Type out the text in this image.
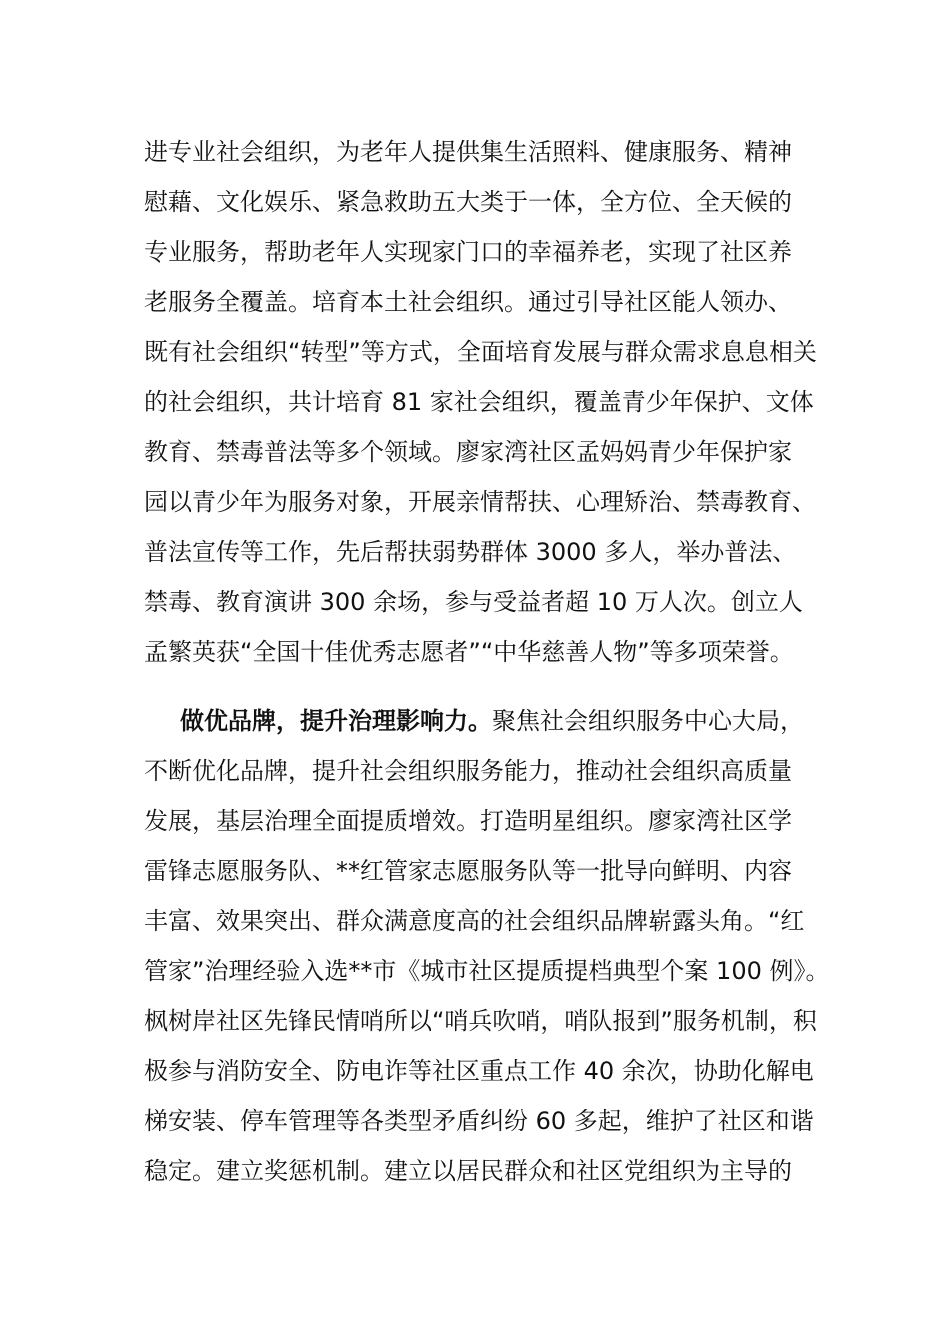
进专业社会组织，为老年人提供集生活照料、健康服务、精神
慰藉、文化娱乐、紧急救助五大类于一体，全方位、全天候的
专业服务，帮助老年人实现家门口的幸福养老，实现了社区养
老服务全覆盖。培育本土社会组织。通过引导社区能人领办、
既有社会组织“转型”等方式，全面培育发展与群众需求息息相关
的社会组织，共计培育 81 家社会组织，覆盖青少年保护、文体
教育、禁毒普法等多个领域。廖家湾社区孟妈妈青少年保护家
园以青少年为服务对象，开展亲情帮扶、心理矫治、禁毒教育、
普法宣传等工作，先后帮扶弱势群体 3000 多人，举办普法、
禁毒、教育演讲 300 余场，参与受益者超 10 万人次。创立人
孟繁英获“全国十佳优秀志愿者”“中华慈善人物”等多项荣誉。
做优品牌，提升治理影响力。聚焦社会组织服务中心大局，
不断优化品牌，提升社会组织服务能力，推动社会组织高质量
发展，基层治理全面提质增效。打造明星组织。廖家湾社区学
雷锋志愿服务队、**红管家志愿服务队等一批导向鲜明、内容
丰富、效果突出、群众满意度高的社会组织品牌崭露头角。“红
管家”治理经验入选**市《城市社区提质提档典型个案 100 例》。
枫树岸社区先锋民情哨所以“哨兵吹哨，哨队报到”服务机制，积
极参与消防安全、防电诈等社区重点工作 40 余次，协助化解电
梯安装、停车管理等各类型矛盾纠纷 60 多起，维护了社区和谐
稳定。建立奖惩机制。建立以居民群众和社区党组织为主导的
